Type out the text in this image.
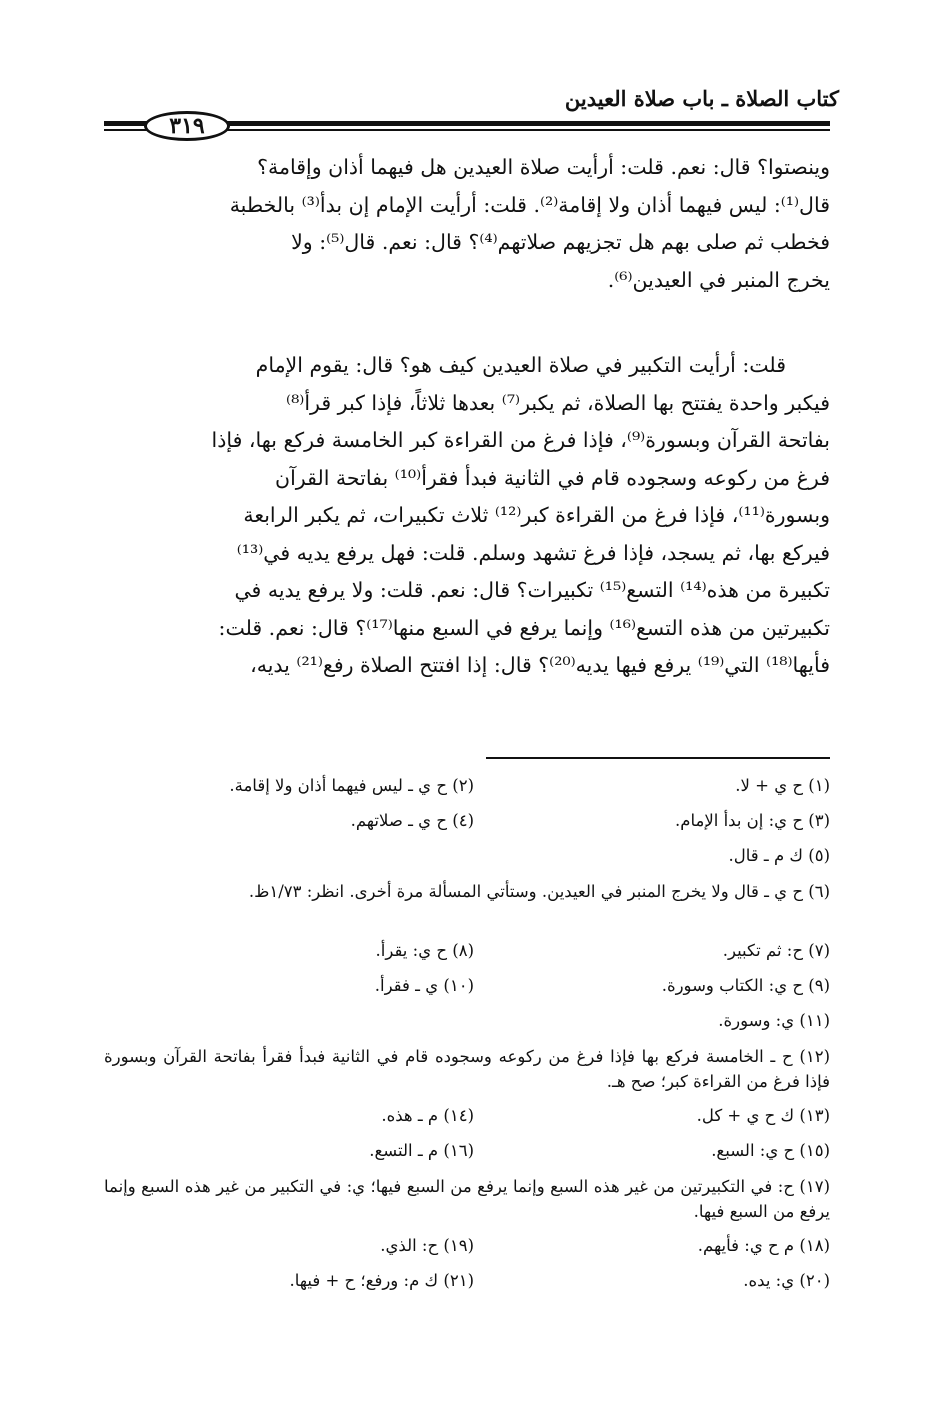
كتاب الصلاة ـ باب صلاة العيدين
٣١٩
وينصتوا؟ قال: نعم. قلت: أرأيت صلاة العيدين هل فيهما أذان وإقامة؟
قال⁽¹⁾: ليس فيهما أذان ولا إقامة⁽²⁾. قلت: أرأيت الإمام إن بدأ⁽³⁾ بالخطبة
فخطب ثم صلى بهم هل تجزيهم صلاتهم⁽⁴⁾؟ قال: نعم. قال⁽⁵⁾: ولا
يخرج المنبر في العيدين⁽⁶⁾.
قلت: أرأيت التكبير في صلاة العيدين كيف هو؟ قال: يقوم الإمام
فيكبر واحدة يفتتح بها الصلاة، ثم يكبر⁽⁷⁾ بعدها ثلاثاً، فإذا كبر قرأ⁽⁸⁾
بفاتحة القرآن وبسورة⁽⁹⁾، فإذا فرغ من القراءة كبر الخامسة فركع بها، فإذا
فرغ من ركوعه وسجوده قام في الثانية فبدأ فقرأ⁽¹⁰⁾ بفاتحة القرآن
وبسورة⁽¹¹⁾، فإذا فرغ من القراءة كبر⁽¹²⁾ ثلاث تكبيرات، ثم يكبر الرابعة
فيركع بها، ثم يسجد، فإذا فرغ تشهد وسلم. قلت: فهل يرفع يديه في⁽¹³⁾
تكبيرة من هذه⁽¹⁴⁾ التسع⁽¹⁵⁾ تكبيرات؟ قال: نعم. قلت: ولا يرفع يديه في
تكبيرتين من هذه التسع⁽¹⁶⁾ وإنما يرفع في السبع منها⁽¹⁷⁾؟ قال: نعم. قلت:
فأيها⁽¹⁸⁾ التي⁽¹⁹⁾ يرفع فيها يديه⁽²⁰⁾؟ قال: إذا افتتح الصلاة رفع⁽²¹⁾ يديه،
(١) ح ي + لا.
(٢) ح ي ـ ليس فيهما أذان ولا إقامة.
(٣) ح ي: إن بدأ الإمام.
(٤) ح ي ـ صلاتهم.
(٥) ك م ـ قال.
(٦) ح ي ـ قال ولا يخرج المنبر في العيدين. وستأتي المسألة مرة أخرى. انظر: ١/٧٣ظ.
(٧) ح: ثم تكبير.
(٨) ح ي: يقرأ.
(٩) ح ي: الكتاب وسورة.
(١٠) ي ـ فقرأ.
(١١) ي: وسورة.
(١٢) ح ـ الخامسة فركع بها فإذا فرغ من ركوعه وسجوده قام في الثانية فبدأ فقرأ بفاتحة القرآن وبسورة فإذا فرغ من القراءة كبر؛ صح هـ.
(١٣) ك ح ي + كل.
(١٤) م ـ هذه.
(١٥) ح ي: السبع.
(١٦) م ـ التسع.
(١٧) ح: في التكبيرتين من غير هذه السبع وإنما يرفع من السبع فيها؛ ي: في التكبير من غير هذه السبع وإنما يرفع من السبع فيها.
(١٨) م ح ي: فأيهم.
(١٩) ح: الذي.
(٢٠) ي: يده.
(٢١) ك م: ورفع؛ ح + فيها.
